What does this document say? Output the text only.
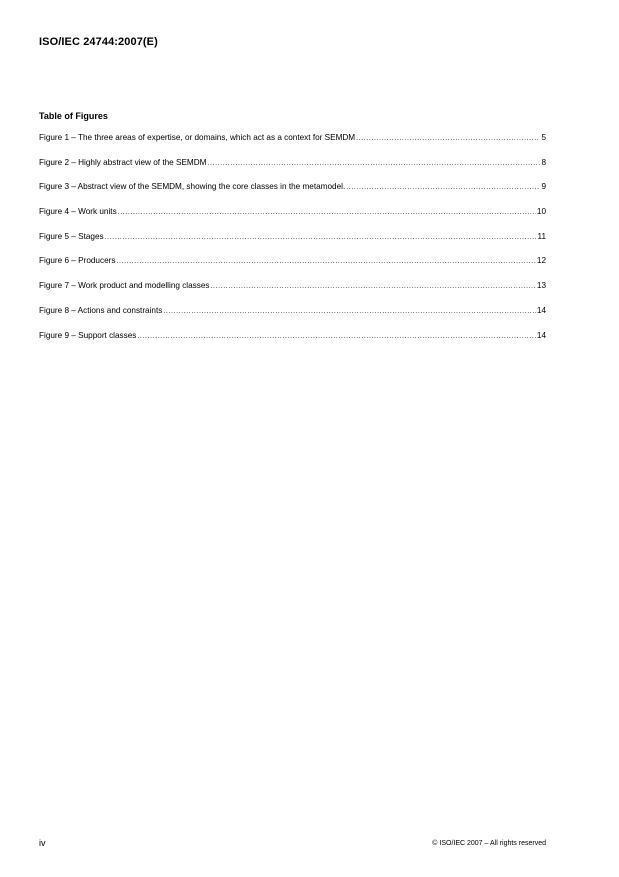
ISO/IEC 24744:2007(E)
Table of Figures
Figure 1 – The three areas of expertise, or domains, which act as a context for SEMDM .....	5
Figure 2 – Highly abstract view of the SEMDM .....	8
Figure 3 – Abstract view of the SEMDM, showing the core classes in the metamodel. .....	9
Figure 4 – Work units .....	10
Figure 5 – Stages .....	11
Figure 6 – Producers .....	12
Figure 7 – Work product and modelling classes .....	13
Figure 8 – Actions and constraints .....	14
Figure 9 – Support classes .....	14
iv	© ISO/IEC 2007 – All rights reserved
